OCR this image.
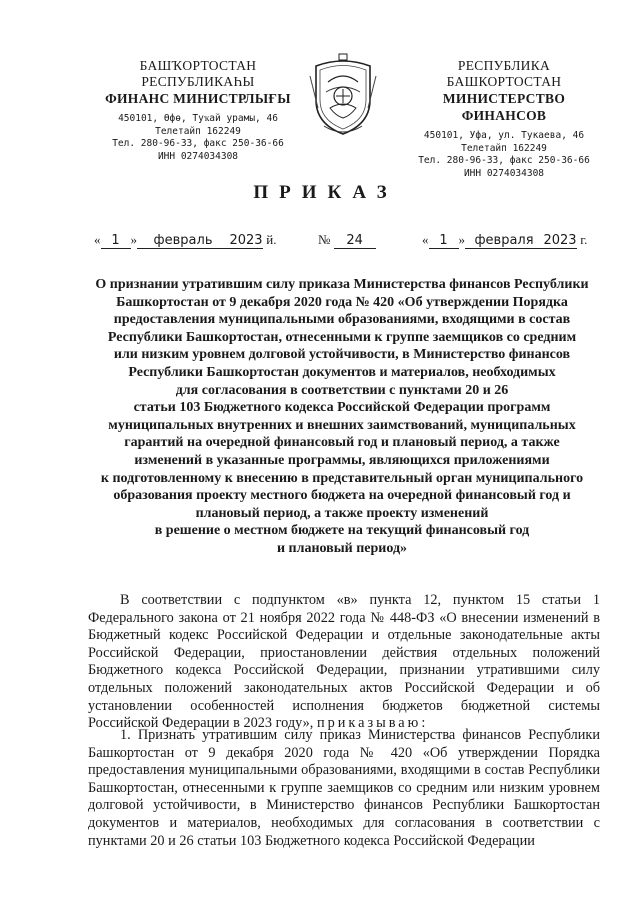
БАШҠОРТОСТАН РЕСПУБЛИКАҺЫ
ФИНАНС МИНИСТРЛЫҒЫ
450101, Өфө, Туҡай урамы, 46
Телетайп 162249
Тел. 280-96-33, факс 250-36-66
ИНН 0274034308
РЕСПУБЛИКА БАШКОРТОСТАН
МИНИСТЕРСТВО ФИНАНСОВ
450101, Уфа, ул. Тукаева, 46
Телетайп 162249
Тел. 280-96-33, факс 250-36-66
ИНН 0274034308
ПРИКАЗ
« 1 » февраль 2023 й.	№ 24	« 1 » февраля 2023 г.
О признании утратившим силу приказа Министерства финансов Республики
Башкортостан от 9 декабря 2020 года № 420 «Об утверждении Порядка
предоставления муниципальными образованиями, входящими в состав
Республики Башкортостан, отнесенными к группе заемщиков со средним
или низким уровнем долговой устойчивости, в Министерство финансов
Республики Башкортостан документов и материалов, необходимых
для согласования в соответствии с пунктами 20 и 26
статьи 103 Бюджетного кодекса Российской Федерации программ
муниципальных внутренних и внешних заимствований, муниципальных
гарантий на очередной финансовый год и плановый период, а также
изменений в указанные программы, являющихся приложениями
к подготовленному к внесению в представительный орган муниципального
образования проекту местного бюджета на очередной финансовый год и
плановый период, а также проекту изменений
в решение о местном бюджете на текущий финансовый год
и плановый период»
В соответствии с подпунктом «в» пункта 12, пунктом 15 статьи 1 Федерального закона от 21 ноября 2022 года № 448-ФЗ «О внесении изменений в Бюджетный кодекс Российской Федерации и отдельные законодательные акты Российской Федерации, приостановлении действия отдельных положений Бюджетного кодекса Российской Федерации, признании утратившими силу отдельных положений законодательных актов Российской Федерации и об установлении особенностей исполнения бюджетов бюджетной системы Российской Федерации в 2023 году», приказываю:
1. Признать утратившим силу приказ Министерства финансов Республики Башкортостан от 9 декабря 2020 года № 420 «Об утверждении Порядка предоставления муниципальными образованиями, входящими в состав Республики Башкортостан, отнесенными к группе заемщиков со средним или низким уровнем долговой устойчивости, в Министерство финансов Республики Башкортостан документов и материалов, необходимых для согласования в соответствии с пунктами 20 и 26 статьи 103 Бюджетного кодекса Российской Федерации
